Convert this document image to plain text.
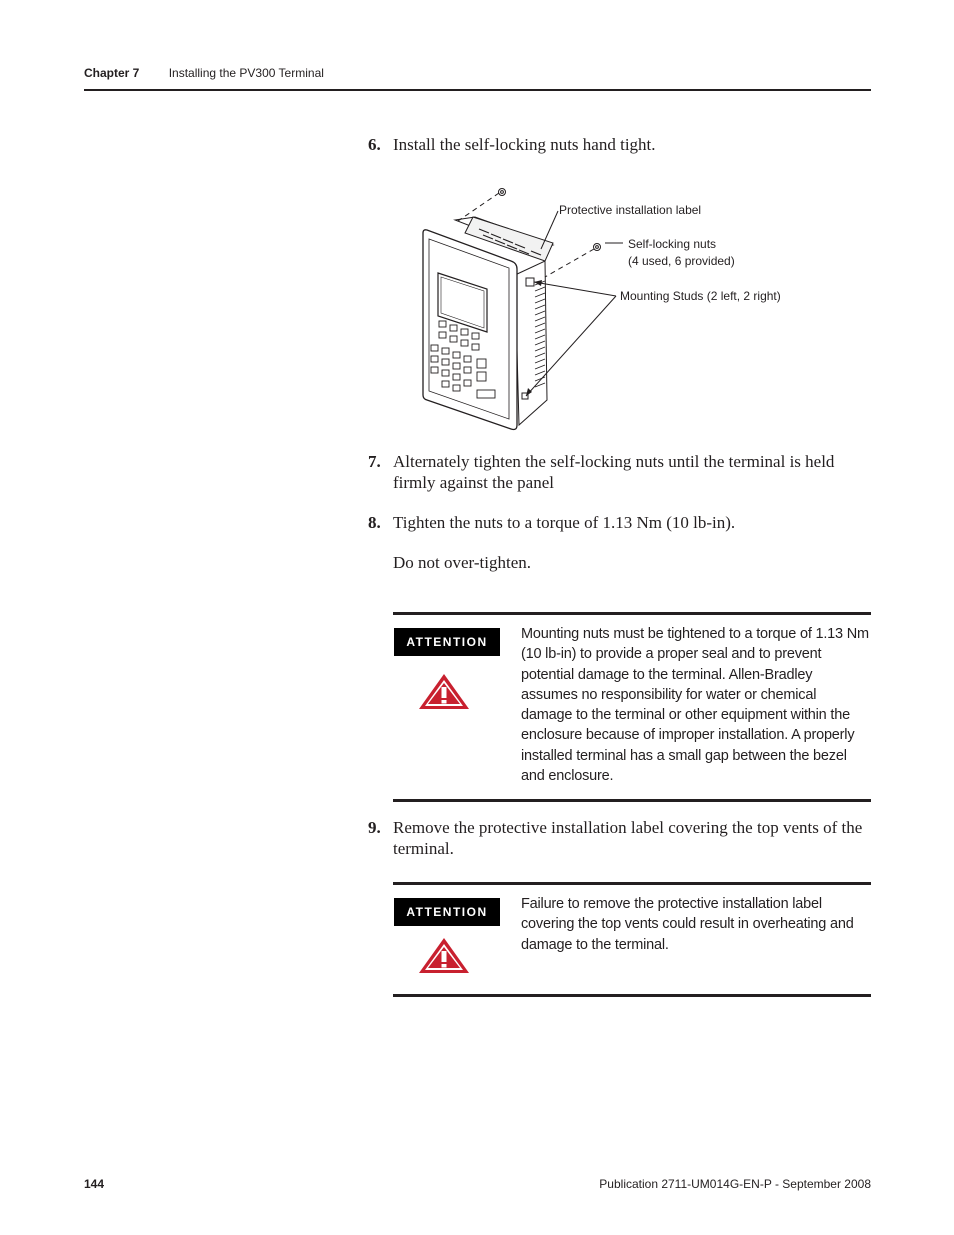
Chapter 7 Installing the PV300 Terminal
6. Install the self-locking nuts hand tight.
Protective installation label
Self-locking nuts
(4 used, 6 provided)
Mounting Studs (2 left, 2 right)
7. Alternately tighten the self-locking nuts until the terminal is held firmly against the panel
8. Tighten the nuts to a torque of 1.13 Nm (10 lb-in).
Do not over-tighten.
ATTENTION	Mounting nuts must be tightened to a torque of 1.13 Nm (10 lb-in) to provide a proper seal and to prevent potential damage to the terminal. Allen-Bradley assumes no responsibility for water or chemical damage to the terminal or other equipment within the enclosure because of improper installation. A properly installed terminal has a small gap between the bezel and enclosure.
9. Remove the protective installation label covering the top vents of the terminal.
ATTENTION	Failure to remove the protective installation label covering the top vents could result in overheating and damage to the terminal.
144	Publication 2711-UM014G-EN-P - September 2008
